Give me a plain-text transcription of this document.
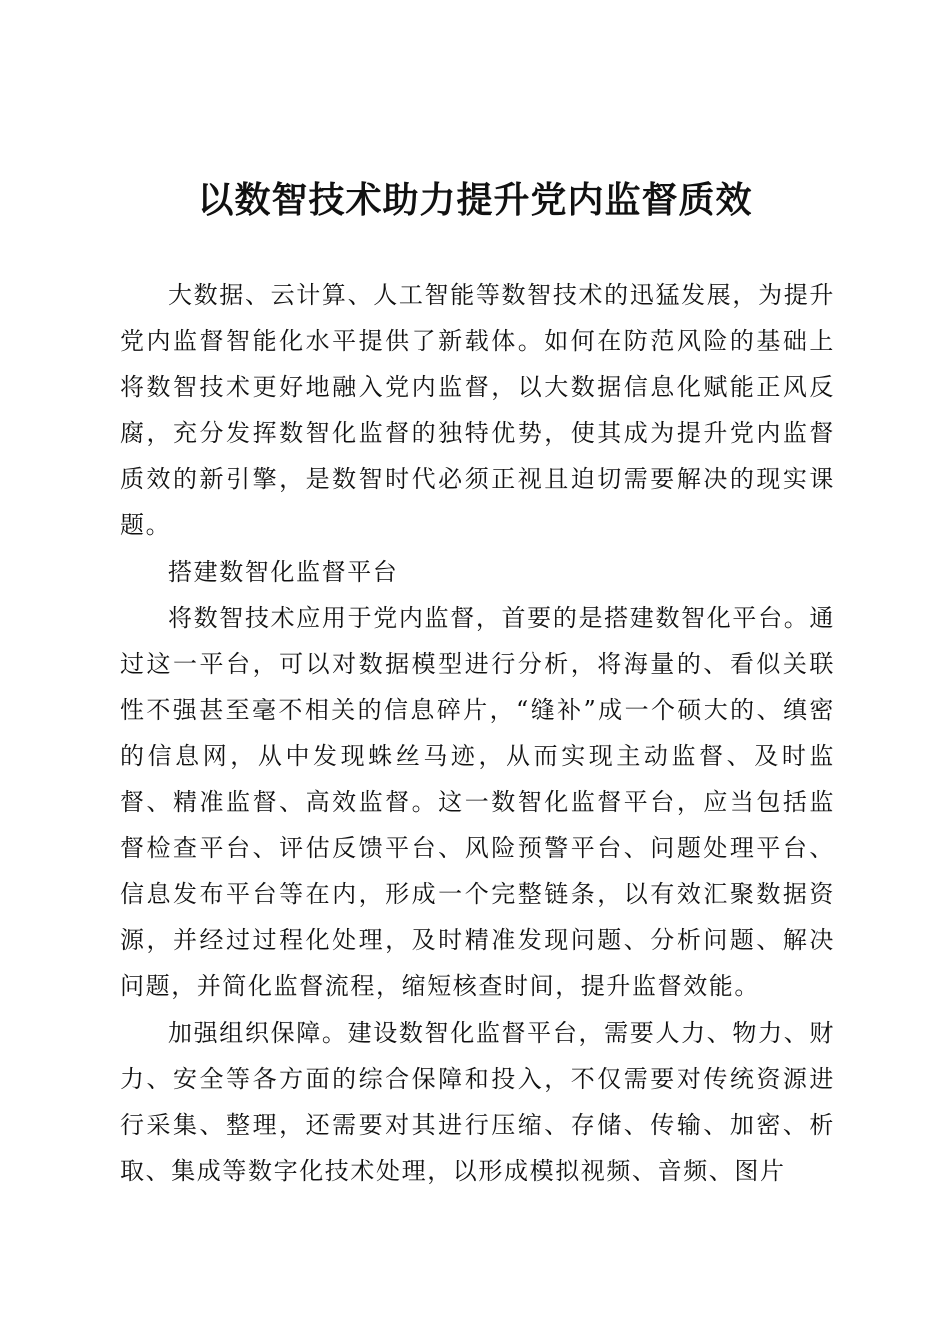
以数智技术助力提升党内监督质效

大数据、云计算、人工智能等数智技术的迅猛发展，为提升党内监督智能化水平提供了新载体。如何在防范风险的基础上将数智技术更好地融入党内监督，以大数据信息化赋能正风反腐，充分发挥数智化监督的独特优势，使其成为提升党内监督质效的新引擎，是数智时代必须正视且迫切需要解决的现实课题。

搭建数智化监督平台

将数智技术应用于党内监督，首要的是搭建数智化平台。通过这一平台，可以对数据模型进行分析，将海量的、看似关联性不强甚至毫不相关的信息碎片，“缝补”成一个硕大的、缜密的信息网，从中发现蛛丝马迹，从而实现主动监督、及时监督、精准监督、高效监督。这一数智化监督平台，应当包括监督检查平台、评估反馈平台、风险预警平台、问题处理平台、信息发布平台等在内，形成一个完整链条，以有效汇聚数据资源，并经过过程化处理，及时精准发现问题、分析问题、解决问题，并简化监督流程，缩短核查时间，提升监督效能。

加强组织保障。建设数智化监督平台，需要人力、物力、财力、安全等各方面的综合保障和投入，不仅需要对传统资源进行采集、整理，还需要对其进行压缩、存储、传输、加密、析取、集成等数字化技术处理，以形成模拟视频、音频、图片
